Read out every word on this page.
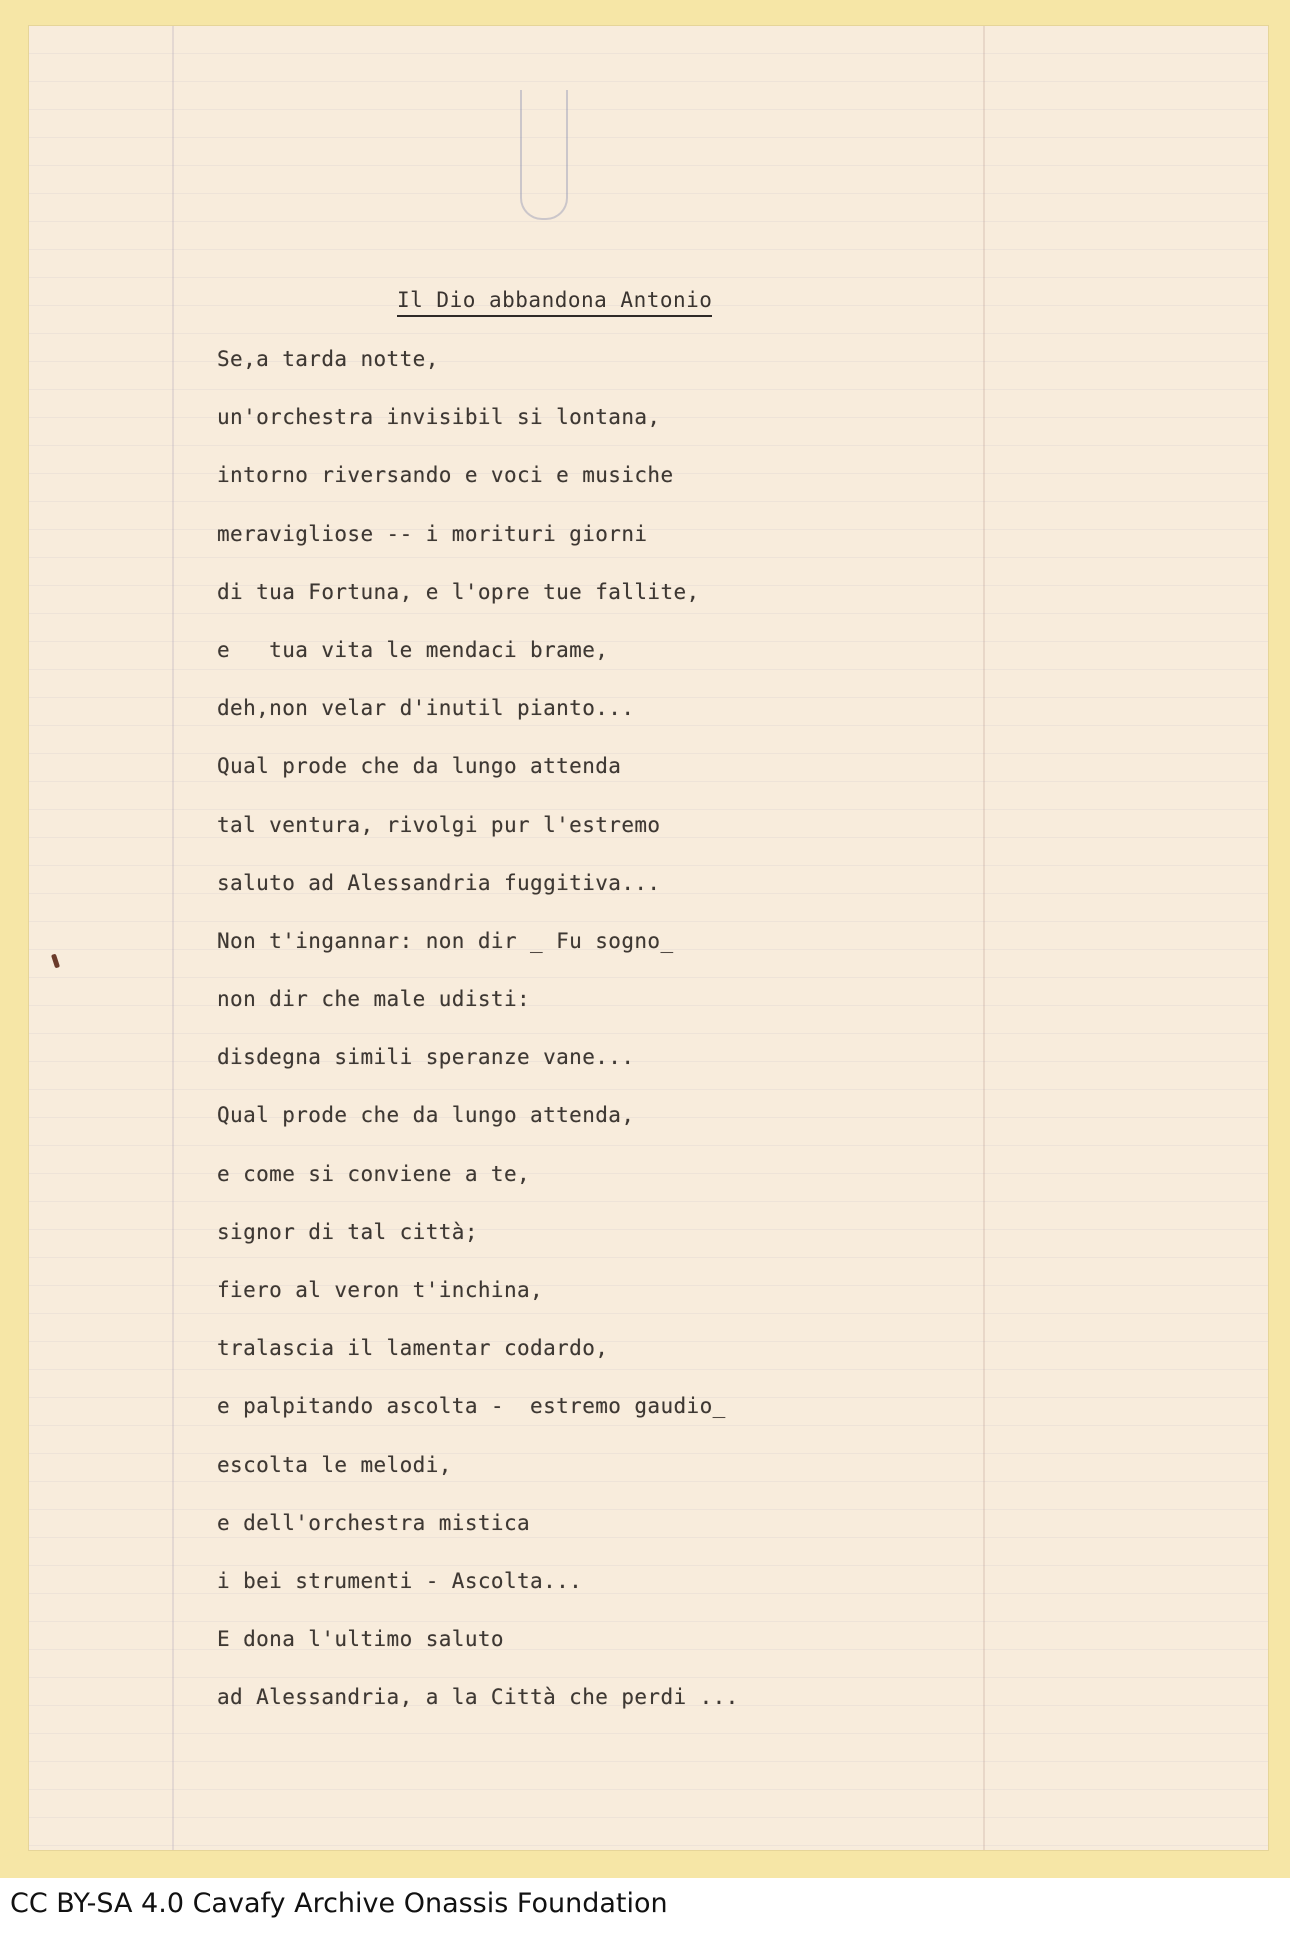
Il Dio abbandona Antonio
Se,a tarda notte,
un'orchestra invisibil si lontana,
intorno riversando e voci e musiche
meravigliose -- i morituri giorni
di tua Fortuna, e l'opre tue fallite,
e   tua vita le mendaci brame,
deh,non velar d'inutil pianto...
Qual prode che da lungo attenda
tal ventura, rivolgi pur l'estremo
saluto ad Alessandria fuggitiva...
Non t'ingannar: non dir _ Fu sogno_
non dir che male udisti:
disdegna simili speranze vane...
Qual prode che da lungo attenda,
e come si conviene a te,
signor di tal città;
fiero al veron t'inchina,
tralascia il lamentar codardo,
e palpitando ascolta -  estremo gaudio_
escolta le melodi,
e dell'orchestra mistica
i bei strumenti - Ascolta...
E dona l'ultimo saluto
ad Alessandria, a la Città che perdi ...
CC BY-SA 4.0 Cavafy Archive Onassis Foundation
